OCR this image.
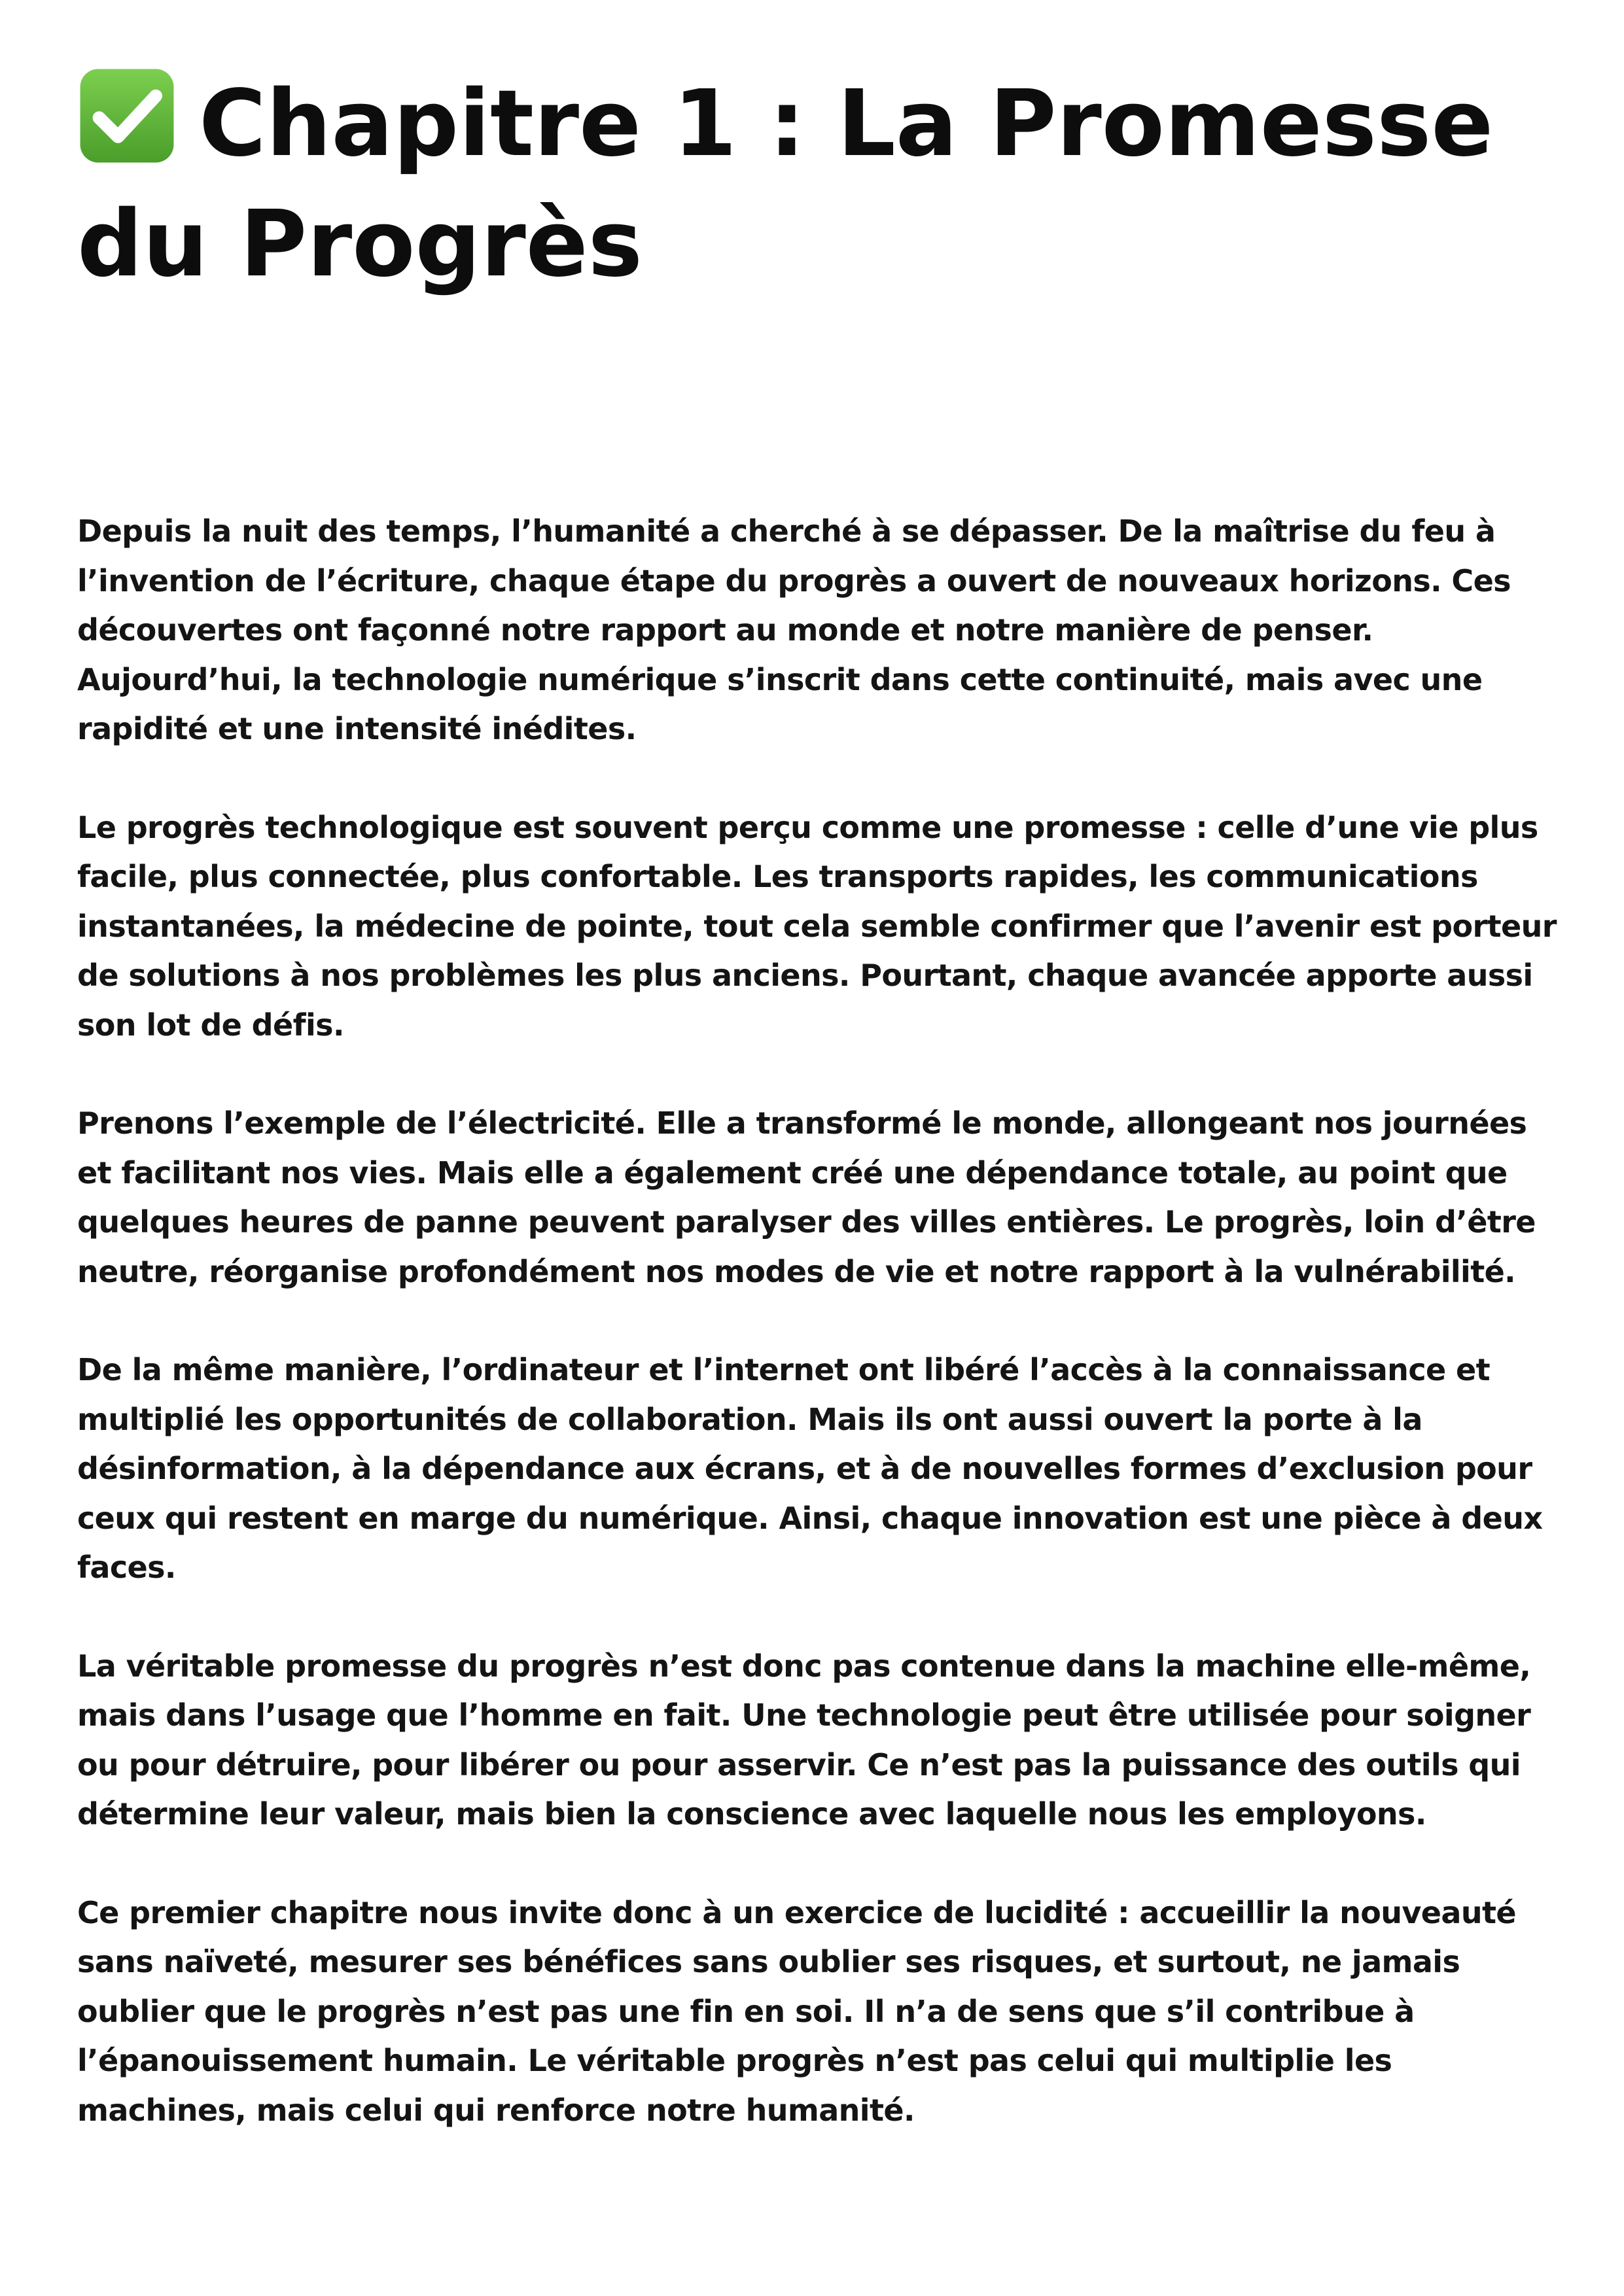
Chapitre 1 : La Promesse du Progrès

Depuis la nuit des temps, l’humanité a cherché à se dépasser. De la maîtrise du feu à l’invention de l’écriture, chaque étape du progrès a ouvert de nouveaux horizons. Ces découvertes ont façonné notre rapport au monde et notre manière de penser. Aujourd’hui, la technologie numérique s’inscrit dans cette continuité, mais avec une rapidité et une intensité inédites.

Le progrès technologique est souvent perçu comme une promesse : celle d’une vie plus facile, plus connectée, plus confortable. Les transports rapides, les communications instantanées, la médecine de pointe, tout cela semble confirmer que l’avenir est porteur de solutions à nos problèmes les plus anciens. Pourtant, chaque avancée apporte aussi son lot de défis.

Prenons l’exemple de l’électricité. Elle a transformé le monde, allongeant nos journées et facilitant nos vies. Mais elle a également créé une dépendance totale, au point que quelques heures de panne peuvent paralyser des villes entières. Le progrès, loin d’être neutre, réorganise profondément nos modes de vie et notre rapport à la vulnérabilité.

De la même manière, l’ordinateur et l’internet ont libéré l’accès à la connaissance et multiplié les opportunités de collaboration. Mais ils ont aussi ouvert la porte à la désinformation, à la dépendance aux écrans, et à de nouvelles formes d’exclusion pour ceux qui restent en marge du numérique. Ainsi, chaque innovation est une pièce à deux faces.

La véritable promesse du progrès n’est donc pas contenue dans la machine elle-même, mais dans l’usage que l’homme en fait. Une technologie peut être utilisée pour soigner ou pour détruire, pour libérer ou pour asservir. Ce n’est pas la puissance des outils qui détermine leur valeur, mais bien la conscience avec laquelle nous les employons.

Ce premier chapitre nous invite donc à un exercice de lucidité : accueillir la nouveauté sans naïveté, mesurer ses bénéfices sans oublier ses risques, et surtout, ne jamais oublier que le progrès n’est pas une fin en soi. Il n’a de sens que s’il contribue à l’épanouissement humain. Le véritable progrès n’est pas celui qui multiplie les machines, mais celui qui renforce notre humanité.
